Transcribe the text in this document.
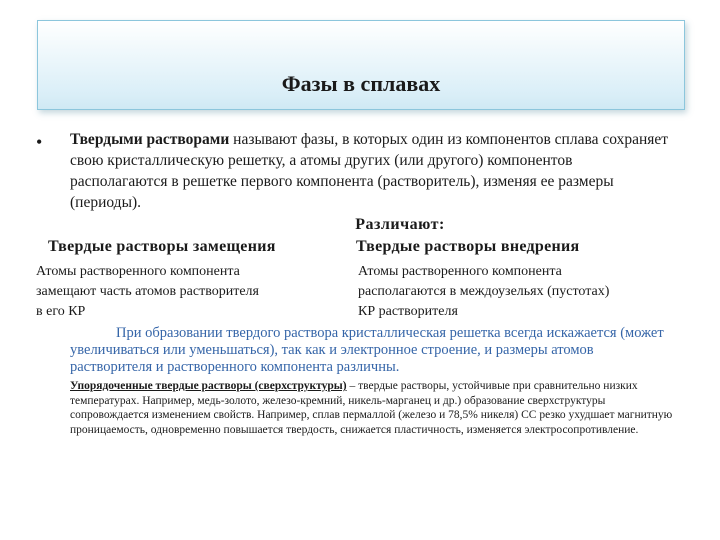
Фазы в сплавах
• Твердыми растворами называют фазы, в которых один из компонентов сплава сохраняет свою кристаллическую решетку, а атомы других (или другого) компонентов располагаются в решетке первого компонента (растворитель), изменяя ее размеры (периоды).
Различают:
Твердые растворы замещения	Твердые растворы внедрения
Атомы растворенного компонента
замещают часть атомов растворителя
в его КР
Атомы растворенного компонента
располагаются в междоузельях (пустотах)
КР растворителя
При образовании твердого раствора кристаллическая решетка всегда искажается (может увеличиваться или уменьшаться), так как и электронное строение, и размеры атомов растворителя и растворенного компонента различны.
Упорядоченные твердые растворы (сверхструктуры) – твердые растворы, устойчивые при сравнительно низких температурах. Например, медь-золото, железо-кремний, никель-марганец и др.) образование сверхструктуры сопровождается изменением свойств. Например, сплав пермаллой (железо и 78,5% никеля) СС резко ухудшает магнитную проницаемость, одновременно повышается твердость, снижается пластичность, изменяется электросопротивление.
